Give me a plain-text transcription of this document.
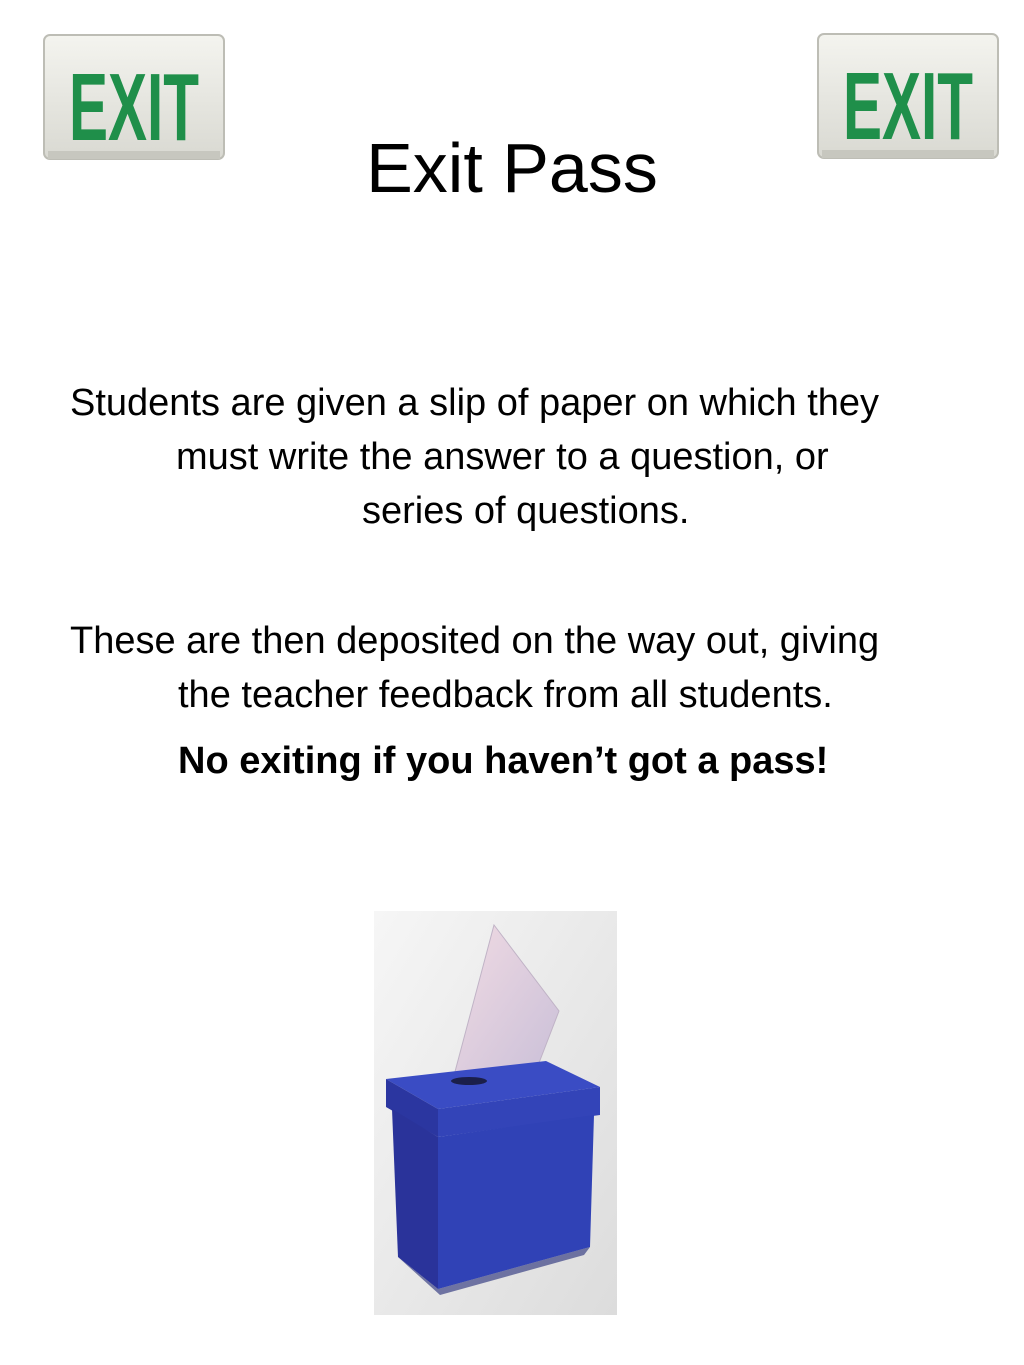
EXIT	EXIT
Exit Pass

Students are given a slip of paper on which they
must write the answer to a question, or
series of questions.

These are then deposited on the way out, giving
the teacher feedback from all students.

No exiting if you haven’t got a pass!
